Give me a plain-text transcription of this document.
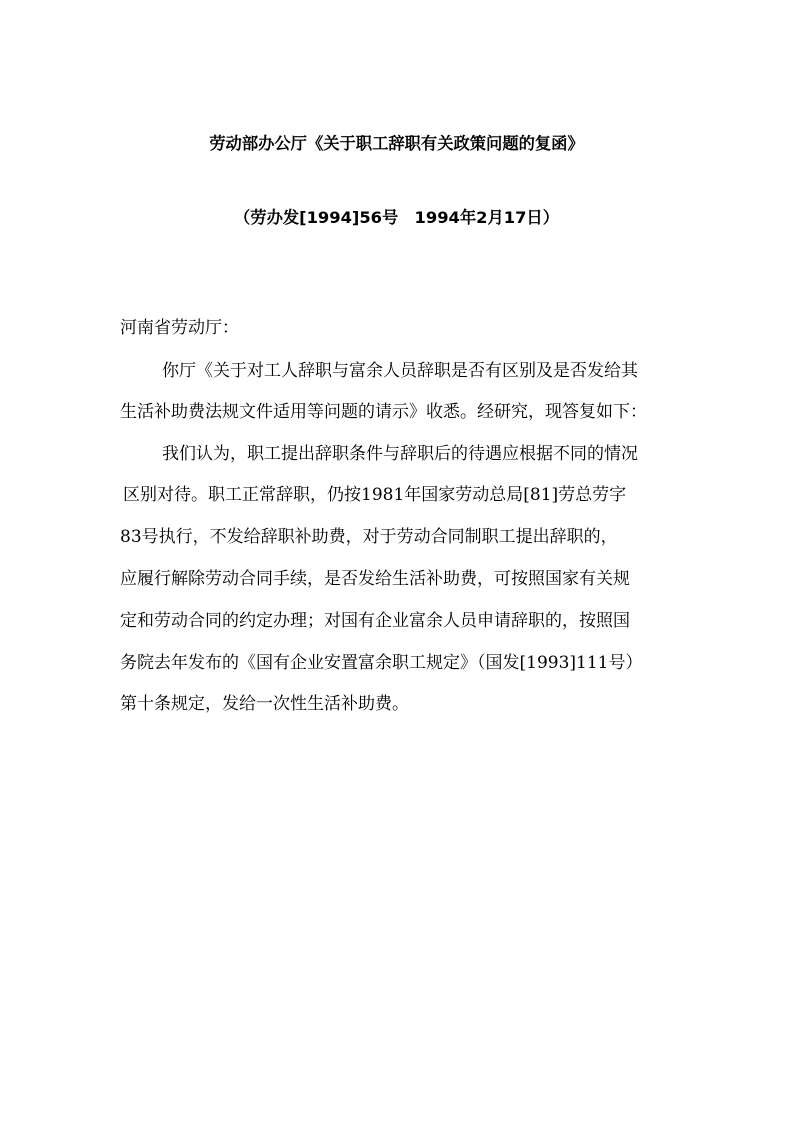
劳动部办公厅《关于职工辞职有关政策问题的复函》
（劳办发[1994]56号　1994年2月17日）
河南省劳动厅：
你厅《关于对工人辞职与富余人员辞职是否有区别及是否发给其
生活补助费法规文件适用等问题的请示》收悉。经研究，现答复如下：
我们认为，职工提出辞职条件与辞职后的待遇应根据不同的情况
区别对待。职工正常辞职，仍按1981年国家劳动总局[81]劳总劳字
83号执行，不发给辞职补助费，对于劳动合同制职工提出辞职的，
应履行解除劳动合同手续，是否发给生活补助费，可按照国家有关规
定和劳动合同的约定办理；对国有企业富余人员申请辞职的，按照国
务院去年发布的《国有企业安置富余职工规定》（国发[1993]111号）
第十条规定，发给一次性生活补助费。
